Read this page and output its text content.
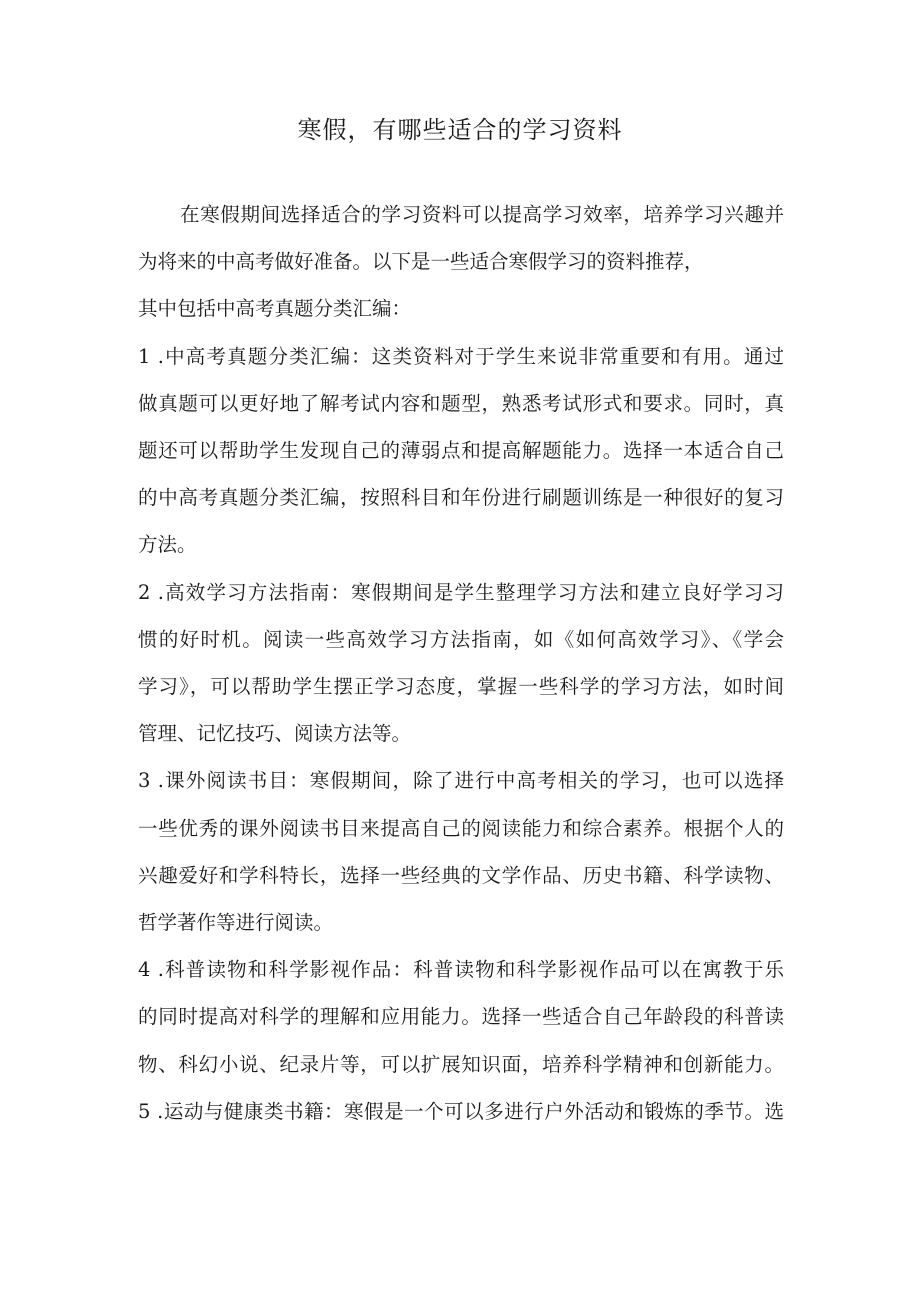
寒假，有哪些适合的学习资料
在寒假期间选择适合的学习资料可以提高学习效率，培养学习兴趣并
为将来的中高考做好准备。以下是一些适合寒假学习的资料推荐，
其中包括中高考真题分类汇编：
1 .中高考真题分类汇编：这类资料对于学生来说非常重要和有用。通过
做真题可以更好地了解考试内容和题型，熟悉考试形式和要求。同时，真
题还可以帮助学生发现自己的薄弱点和提高解题能力。选择一本适合自己
的中高考真题分类汇编，按照科目和年份进行刷题训练是一种很好的复习
方法。
2 .高效学习方法指南：寒假期间是学生整理学习方法和建立良好学习习
惯的好时机。阅读一些高效学习方法指南，如《如何高效学习》、《学会
学习》，可以帮助学生摆正学习态度，掌握一些科学的学习方法，如时间
管理、记忆技巧、阅读方法等。
3 .课外阅读书目：寒假期间，除了进行中高考相关的学习，也可以选择
一些优秀的课外阅读书目来提高自己的阅读能力和综合素养。根据个人的
兴趣爱好和学科特长，选择一些经典的文学作品、历史书籍、科学读物、
哲学著作等进行阅读。
4 .科普读物和科学影视作品：科普读物和科学影视作品可以在寓教于乐
的同时提高对科学的理解和应用能力。选择一些适合自己年龄段的科普读
物、科幻小说、纪录片等，可以扩展知识面，培养科学精神和创新能力。
5 .运动与健康类书籍：寒假是一个可以多进行户外活动和锻炼的季节。选
